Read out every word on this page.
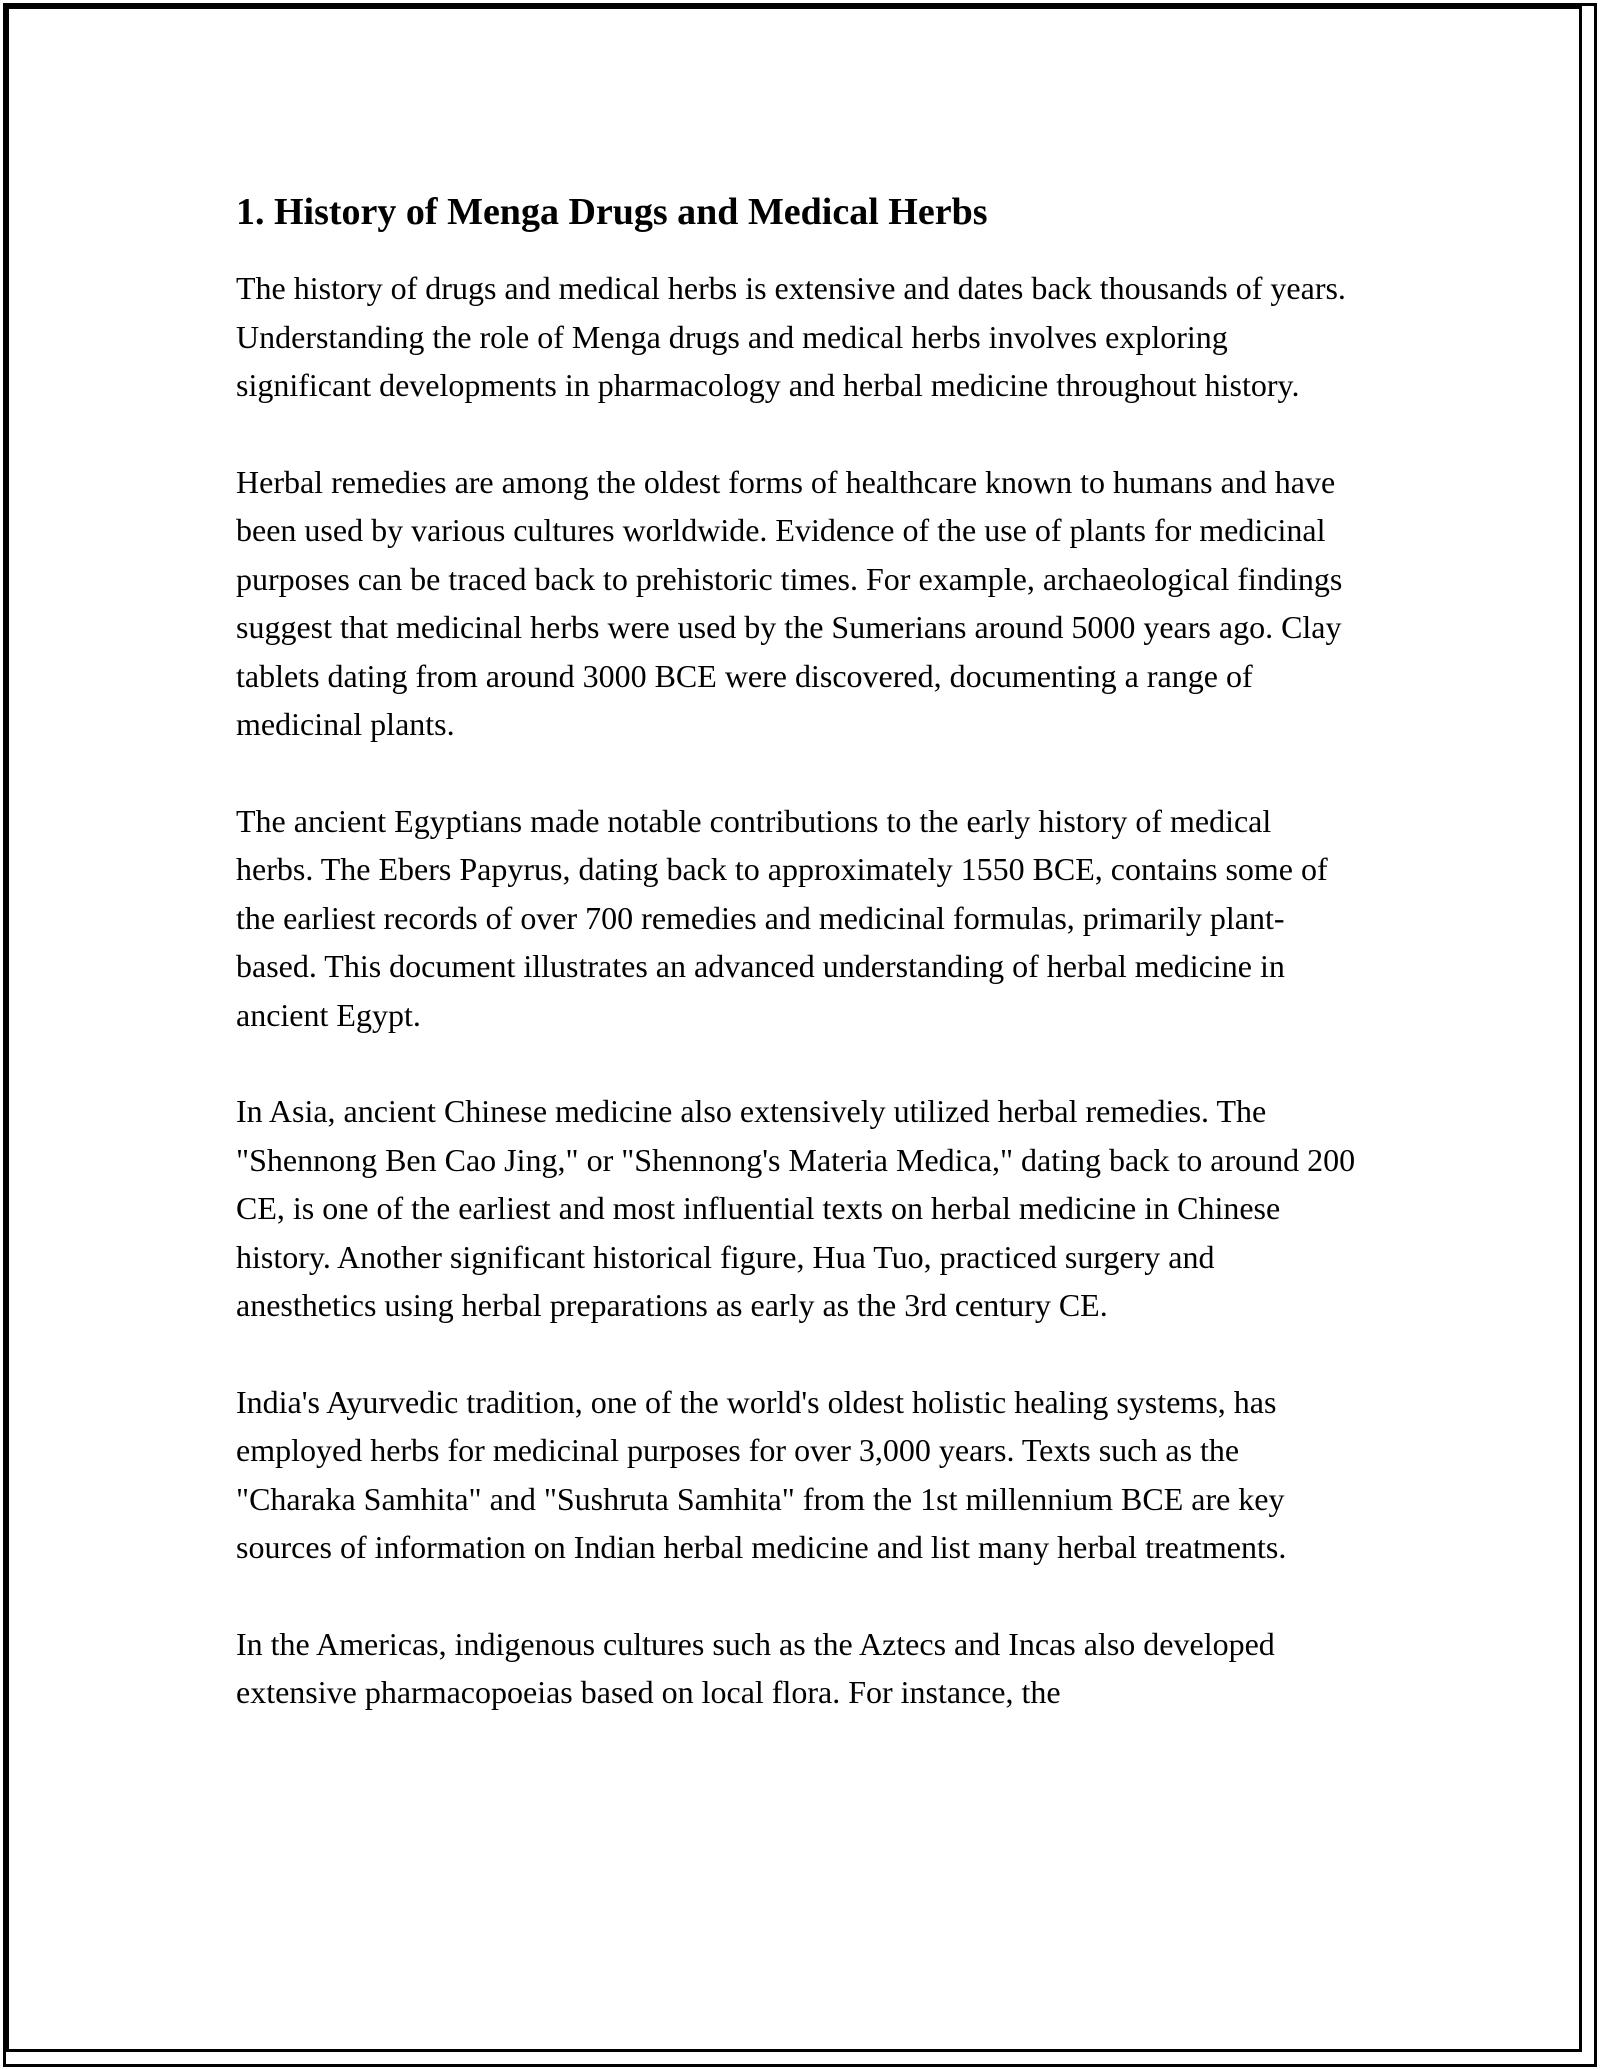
1. History of Menga Drugs and Medical Herbs

The history of drugs and medical herbs is extensive and dates back thousands of years. Understanding the role of Menga drugs and medical herbs involves exploring significant developments in pharmacology and herbal medicine throughout history.

Herbal remedies are among the oldest forms of healthcare known to humans and have been used by various cultures worldwide. Evidence of the use of plants for medicinal purposes can be traced back to prehistoric times. For example, archaeological findings suggest that medicinal herbs were used by the Sumerians around 5000 years ago. Clay tablets dating from around 3000 BCE were discovered, documenting a range of medicinal plants.

The ancient Egyptians made notable contributions to the early history of medical herbs. The Ebers Papyrus, dating back to approximately 1550 BCE, contains some of the earliest records of over 700 remedies and medicinal formulas, primarily plant-based. This document illustrates an advanced understanding of herbal medicine in ancient Egypt.

In Asia, ancient Chinese medicine also extensively utilized herbal remedies. The "Shennong Ben Cao Jing," or "Shennong's Materia Medica," dating back to around 200 CE, is one of the earliest and most influential texts on herbal medicine in Chinese history. Another significant historical figure, Hua Tuo, practiced surgery and anesthetics using herbal preparations as early as the 3rd century CE.

India's Ayurvedic tradition, one of the world's oldest holistic healing systems, has employed herbs for medicinal purposes for over 3,000 years. Texts such as the "Charaka Samhita" and "Sushruta Samhita" from the 1st millennium BCE are key sources of information on Indian herbal medicine and list many herbal treatments.

In the Americas, indigenous cultures such as the Aztecs and Incas also developed extensive pharmacopoeias based on local flora. For instance, the
